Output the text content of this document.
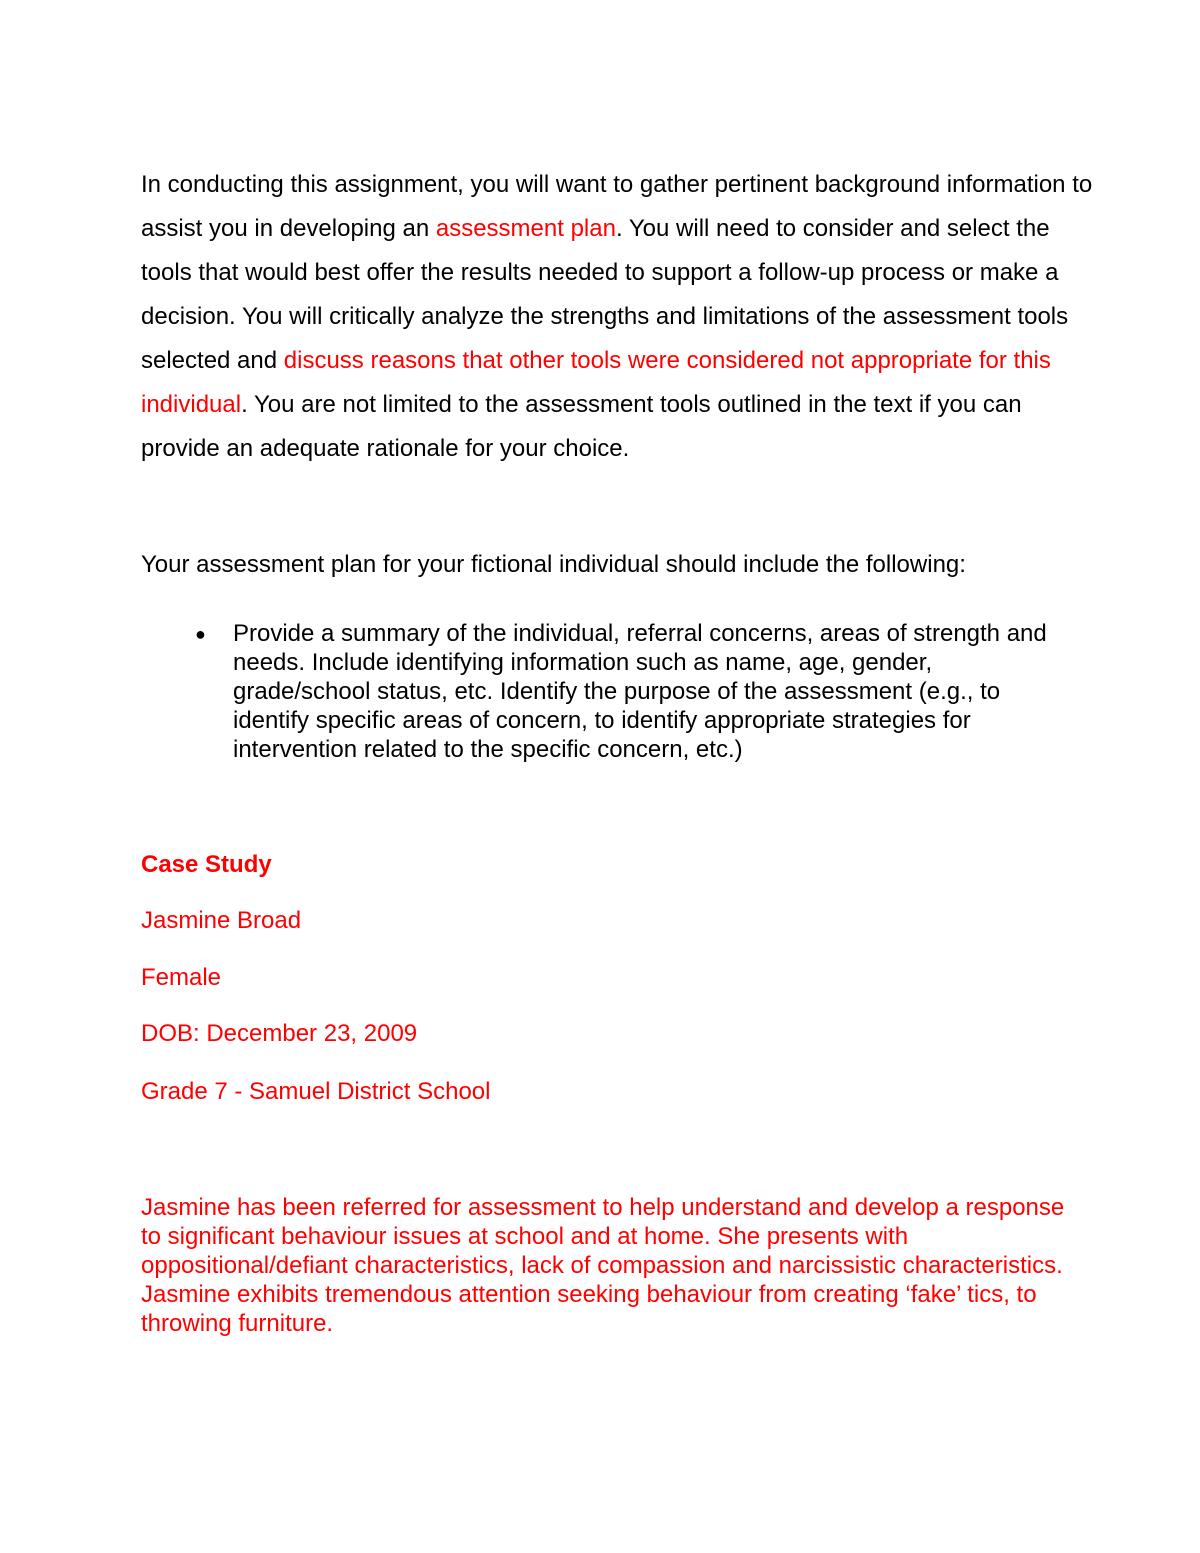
In conducting this assignment, you will want to gather pertinent background information to assist you in developing an assessment plan. You will need to consider and select the tools that would best offer the results needed to support a follow-up process or make a decision. You will critically analyze the strengths and limitations of the assessment tools selected and discuss reasons that other tools were considered not appropriate for this individual. You are not limited to the assessment tools outlined in the text if you can provide an adequate rationale for your choice.

Your assessment plan for your fictional individual should include the following:

●	Provide a summary of the individual, referral concerns, areas of strength and needs. Include identifying information such as name, age, gender, grade/school status, etc. Identify the purpose of the assessment (e.g., to identify specific areas of concern, to identify appropriate strategies for intervention related to the specific concern, etc.)

Case Study

Jasmine Broad

Female

DOB: December 23, 2009

Grade 7 - Samuel District School

Jasmine has been referred for assessment to help understand and develop a response to significant behaviour issues at school and at home. She presents with oppositional/defiant characteristics, lack of compassion and narcissistic characteristics. Jasmine exhibits tremendous attention seeking behaviour from creating ‘fake’ tics, to throwing furniture.
